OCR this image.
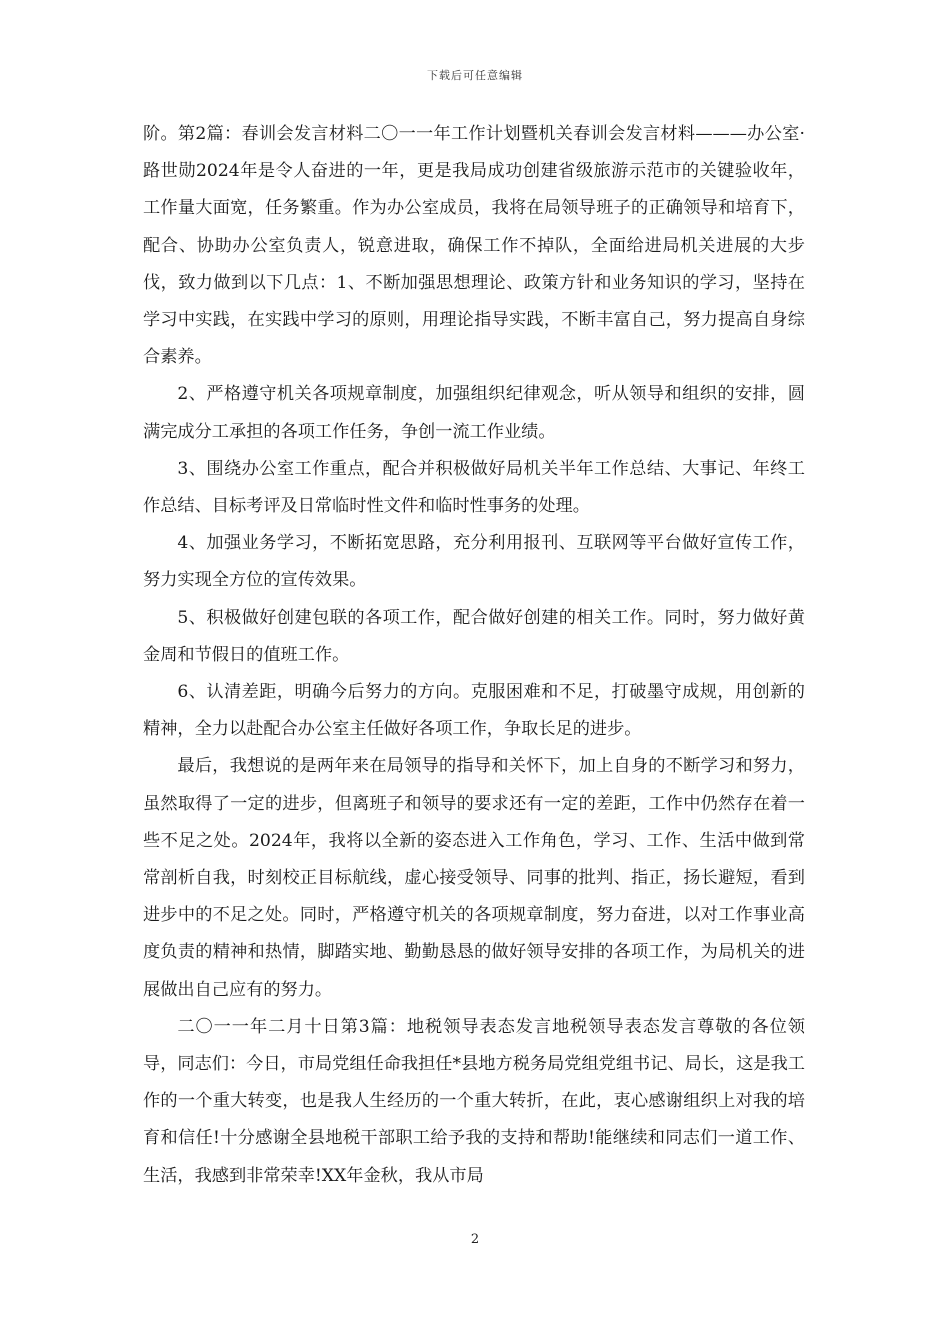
下载后可任意编辑

阶。第2篇：春训会发言材料二〇一一年工作计划暨机关春训会发言材料———办公室·路世勋2024年是令人奋进的一年，更是我局成功创建省级旅游示范市的关键验收年，工作量大面宽，任务繁重。作为办公室成员，我将在局领导班子的正确领导和培育下，配合、协助办公室负责人，锐意进取，确保工作不掉队，全面给进局机关进展的大步伐，致力做到以下几点：1、不断加强思想理论、政策方针和业务知识的学习，坚持在学习中实践，在实践中学习的原则，用理论指导实践，不断丰富自己，努力提高自身综合素养。

2、严格遵守机关各项规章制度，加强组织纪律观念，听从领导和组织的安排，圆满完成分工承担的各项工作任务，争创一流工作业绩。

3、围绕办公室工作重点，配合并积极做好局机关半年工作总结、大事记、年终工作总结、目标考评及日常临时性文件和临时性事务的处理。

4、加强业务学习，不断拓宽思路，充分利用报刊、互联网等平台做好宣传工作，努力实现全方位的宣传效果。

5、积极做好创建包联的各项工作，配合做好创建的相关工作。同时，努力做好黄金周和节假日的值班工作。

6、认清差距，明确今后努力的方向。克服困难和不足，打破墨守成规，用创新的精神，全力以赴配合办公室主任做好各项工作，争取长足的进步。

最后，我想说的是两年来在局领导的指导和关怀下，加上自身的不断学习和努力，虽然取得了一定的进步，但离班子和领导的要求还有一定的差距，工作中仍然存在着一些不足之处。2024年，我将以全新的姿态进入工作角色，学习、工作、生活中做到常常剖析自我，时刻校正目标航线，虚心接受领导、同事的批判、指正，扬长避短，看到进步中的不足之处。同时，严格遵守机关的各项规章制度，努力奋进，以对工作事业高度负责的精神和热情，脚踏实地、勤勤恳恳的做好领导安排的各项工作，为局机关的进展做出自己应有的努力。

二〇一一年二月十日第3篇：地税领导表态发言地税领导表态发言尊敬的各位领导，同志们：今日，市局党组任命我担任*县地方税务局党组党组书记、局长，这是我工作的一个重大转变，也是我人生经历的一个重大转折，在此，衷心感谢组织上对我的培育和信任!十分感谢全县地税干部职工给予我的支持和帮助!能继续和同志们一道工作、生活，我感到非常荣幸!XX年金秋，我从市局

2
